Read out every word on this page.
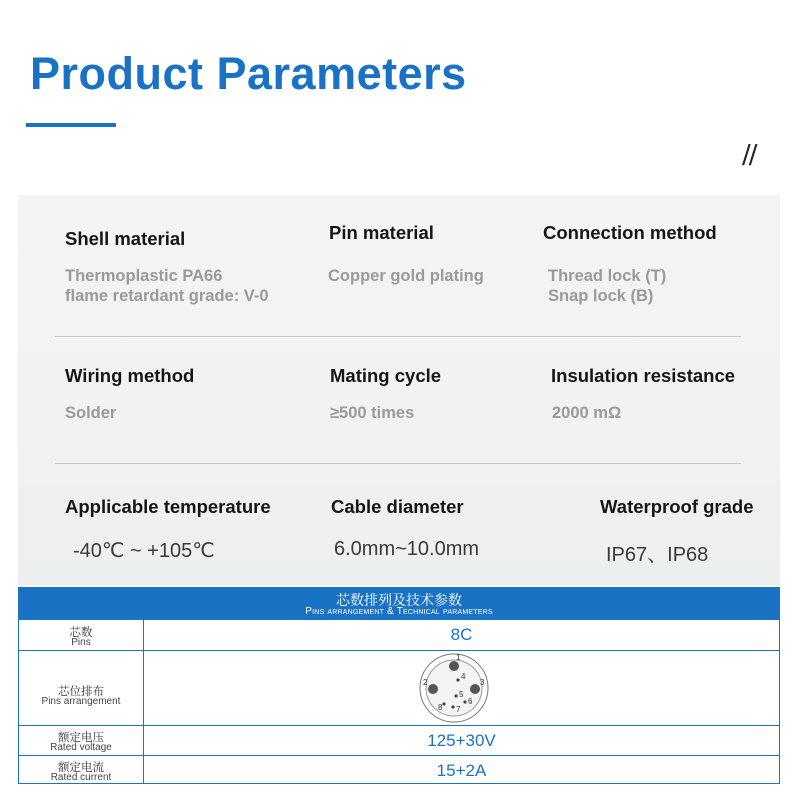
Product Parameters
//
Shell material
Thermoplastic PA66
flame retardant grade: V-0
Pin material
Copper gold plating
Connection method
Thread lock (T)
Snap lock (B)
Wiring method
Solder
Mating cycle
≥500 times
Insulation resistance
2000 mΩ
Applicable temperature
-40℃ ~ +105℃
Cable diameter
6.0mm~10.0mm
Waterproof grade
IP67、IP68
芯数排列及技术参数
Pins arrangement & Technical parameters
芯数
Pins	8C
芯位排布
Pins arrangement
1
2	3
4
5
6
7
8
额定电压
Rated voltage	125+30V
额定电流
Rated current	15+2A
